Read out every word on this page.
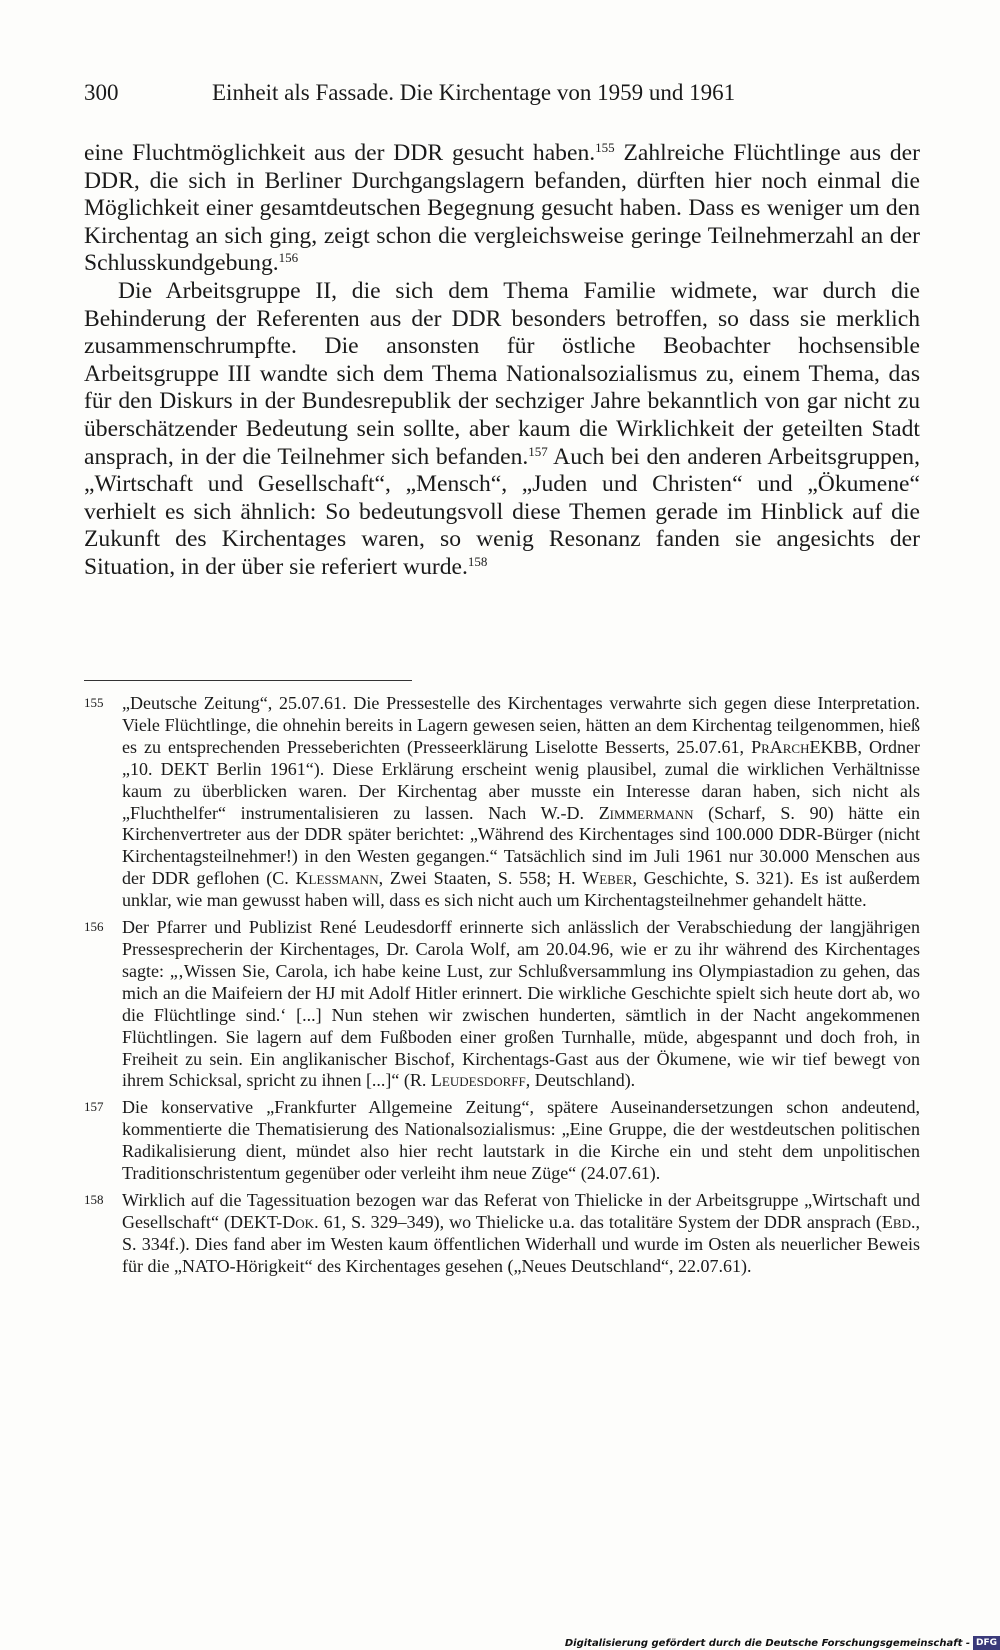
300	Einheit als Fassade. Die Kirchentage von 1959 und 1961

eine Fluchtmöglichkeit aus der DDR gesucht haben.$^{155}$ Zahlreiche Flüchtlinge aus der DDR, die sich in Berliner Durchgangslagern befanden, dürften hier noch einmal die Möglichkeit einer gesamtdeutschen Begegnung gesucht haben. Dass es weniger um den Kirchentag an sich ging, zeigt schon die vergleichsweise geringe Teilnehmerzahl an der Schlusskundgebung.$^{156}$

Die Arbeitsgruppe II, die sich dem Thema Familie widmete, war durch die Behinderung der Referenten aus der DDR besonders betroffen, so dass sie merklich zusammenschrumpfte. Die ansonsten für östliche Beobachter hochsensible Arbeitsgruppe III wandte sich dem Thema Nationalsozialismus zu, einem Thema, das für den Diskurs in der Bundesrepublik der sechziger Jahre bekanntlich von gar nicht zu überschätzender Bedeutung sein sollte, aber kaum die Wirklichkeit der geteilten Stadt ansprach, in der die Teilnehmer sich befanden.$^{157}$ Auch bei den anderen Arbeitsgruppen, „Wirtschaft und Gesellschaft“, „Mensch“, „Juden und Christen“ und „Ökumene“ verhielt es sich ähnlich: So bedeutungsvoll diese Themen gerade im Hinblick auf die Zukunft des Kirchentages waren, so wenig Resonanz fanden sie angesichts der Situation, in der über sie referiert wurde.$^{158}$

155	„Deutsche Zeitung“, 25.07.61. Die Pressestelle des Kirchentages verwahrte sich gegen diese Interpretation. Viele Flüchtlinge, die ohnehin bereits in Lagern gewesen seien, hätten an dem Kirchentag teilgenommen, hieß es zu entsprechenden Presseberichten (Presseerklärung Liselotte Besserts, 25.07.61, PrArchEKBB, Ordner „10. DEKT Berlin 1961“). Diese Erklärung erscheint wenig plausibel, zumal die wirklichen Verhältnisse kaum zu überblicken waren. Der Kirchentag aber musste ein Interesse daran haben, sich nicht als „Fluchthelfer“ instrumentalisieren zu lassen. Nach W.-D. Zimmermann (Scharf, S. 90) hätte ein Kirchenvertreter aus der DDR später berichtet: „Während des Kirchentages sind 100.000 DDR-Bürger (nicht Kirchentagsteilnehmer!) in den Westen gegangen.“ Tatsächlich sind im Juli 1961 nur 30.000 Menschen aus der DDR geflohen (C. Klessmann, Zwei Staaten, S. 558; H. Weber, Geschichte, S. 321). Es ist außerdem unklar, wie man gewusst haben will, dass es sich nicht auch um Kirchentagsteilnehmer gehandelt hätte.
156	Der Pfarrer und Publizist René Leudesdorff erinnerte sich anlässlich der Verabschiedung der langjährigen Pressesprecherin der Kirchentages, Dr. Carola Wolf, am 20.04.96, wie er zu ihr während des Kirchentages sagte: „‚Wissen Sie, Carola, ich habe keine Lust, zur Schlußversammlung ins Olympiastadion zu gehen, das mich an die Maifeiern der HJ mit Adolf Hitler erinnert. Die wirkliche Geschichte spielt sich heute dort ab, wo die Flüchtlinge sind.‘ [...] Nun stehen wir zwischen hunderten, sämtlich in der Nacht angekommenen Flüchtlingen. Sie lagern auf dem Fußboden einer großen Turnhalle, müde, abgespannt und doch froh, in Freiheit zu sein. Ein anglikanischer Bischof, Kirchentags-Gast aus der Ökumene, wie wir tief bewegt von ihrem Schicksal, spricht zu ihnen [...]“ (R. Leudesdorff, Deutschland).
157	Die konservative „Frankfurter Allgemeine Zeitung“, spätere Auseinandersetzungen schon andeutend, kommentierte die Thematisierung des Nationalsozialismus: „Eine Gruppe, die der westdeutschen politischen Radikalisierung dient, mündet also hier recht lautstark in die Kirche ein und steht dem unpolitischen Traditionschristentum gegenüber oder verleiht ihm neue Züge“ (24.07.61).
158	Wirklich auf die Tagessituation bezogen war das Referat von Thielicke in der Arbeitsgruppe „Wirtschaft und Gesellschaft“ (DEKT-Dok. 61, S. 329–349), wo Thielicke u.a. das totalitäre System der DDR ansprach (Ebd., S. 334f.). Dies fand aber im Westen kaum öffentlichen Widerhall und wurde im Osten als neuerlicher Beweis für die „NATO-Hörigkeit“ des Kirchentages gesehen („Neues Deutschland“, 22.07.61).
Digitalisierung gefördert durch die Deutsche Forschungsgemeinschaft - DFG
